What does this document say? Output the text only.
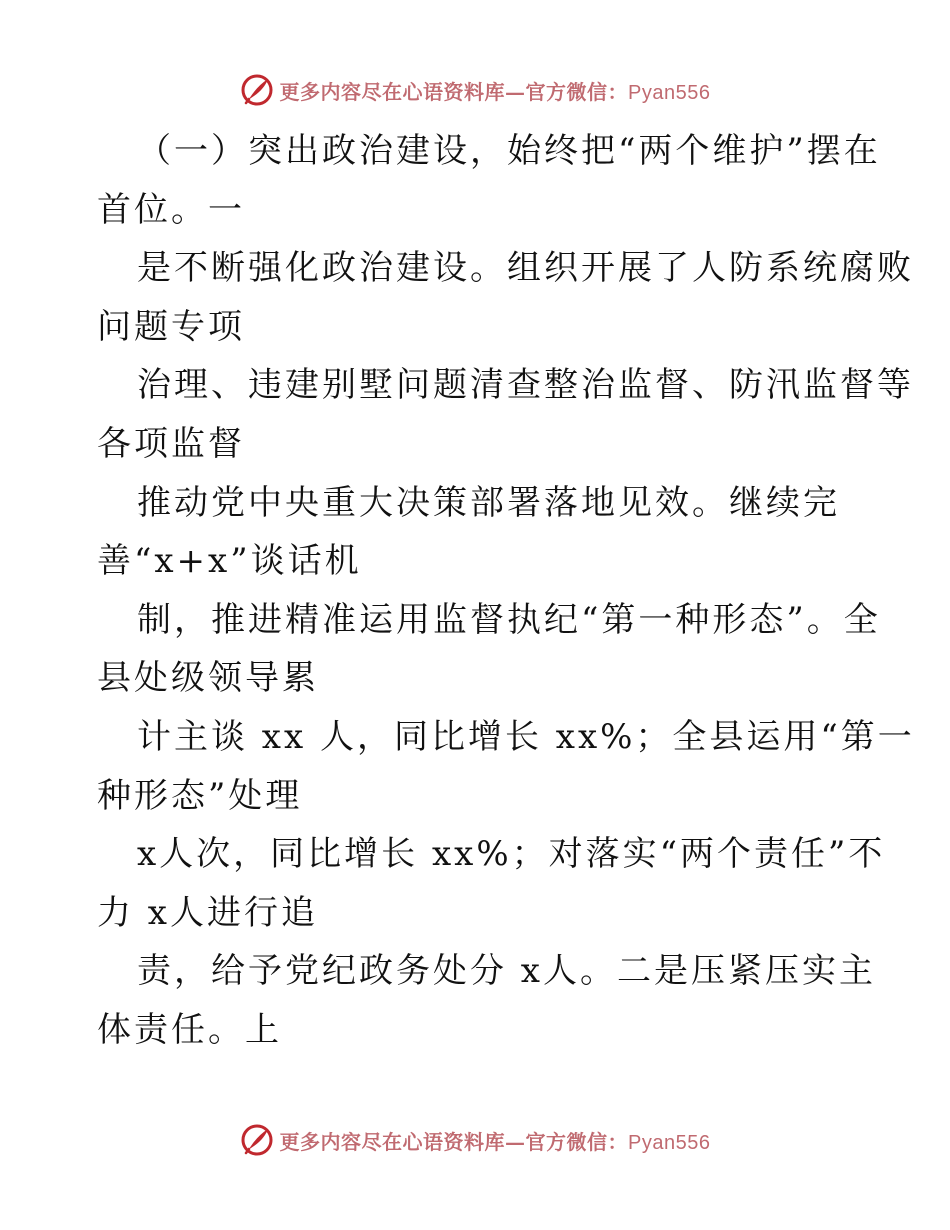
更多内容尽在心语资料库—官方微信：Pyan556
（一）突出政治建设，始终把“两个维护”摆在
首位。一
是不断强化政治建设。组织开展了人防系统腐败
问题专项
治理、违建别墅问题清查整治监督、防汛监督等
各项监督
推动党中央重大决策部署落地见效。继续完
善“x+x”谈话机
制，推进精准运用监督执纪“第一种形态”。全
县处级领导累
计主谈 xx 人，同比增长 xx%；全县运用“第一
种形态”处理
x人次，同比增长 xx%；对落实“两个责任”不
力 x人进行追
责，给予党纪政务处分 x人。二是压紧压实主
体责任。上
更多内容尽在心语资料库—官方微信：Pyan556
